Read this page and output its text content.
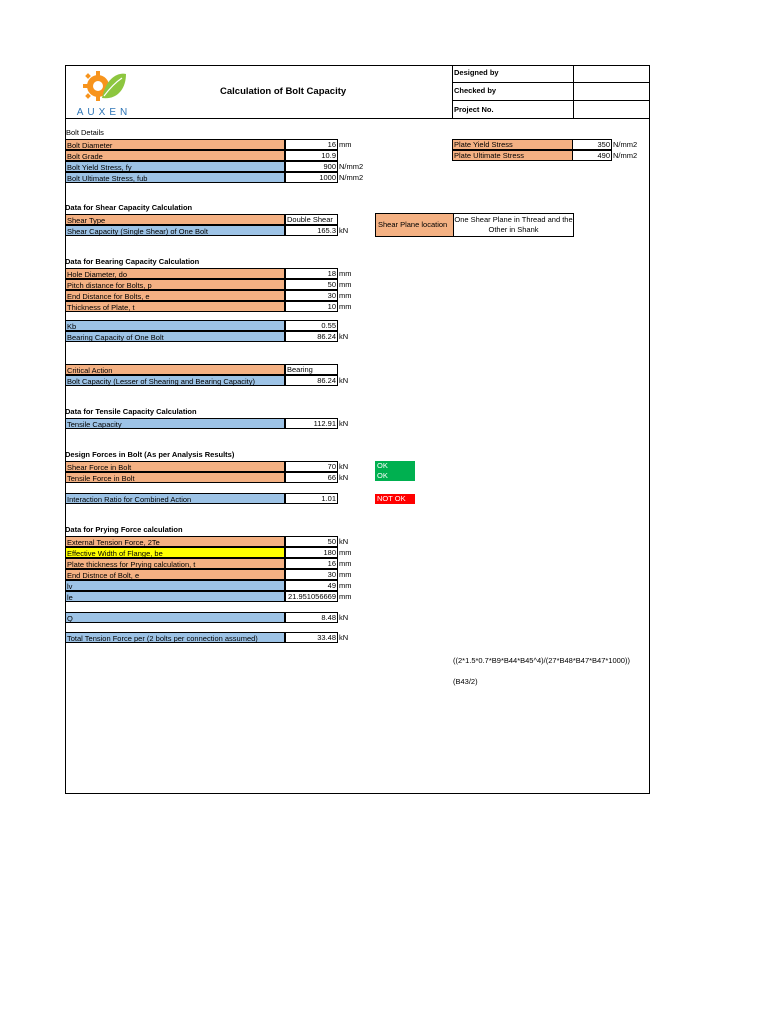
AUXEN
Calculation of Bolt Capacity
Designed by
Checked by
Project No.
Bolt Details
Bolt Diameter	16 mm
Bolt Grade	10.9
Bolt Yield Stress, fy	900 N/mm2
Bolt Ultimate Stress, fub	1000 N/mm2
Plate Yield Stress	350 N/mm2
Plate Ultimate Stress	490 N/mm2
Data for Shear Capacity Calculation
Shear Type	Double Shear
Shear Capacity (Single Shear) of One Bolt	165.3 kN
Shear Plane location
One Shear Plane in Thread and the Other in Shank
Data for Bearing Capacity Calculation
Hole Diameter, do	18 mm
Pitch distance for Bolts, p	50 mm
End Distance for Bolts, e	30 mm
Thickness of Plate, t	10 mm
Kb	0.55
Bearing Capacity of One Bolt	86.24 kN
Critical Action	Bearing
Bolt Capacity (Lesser of Shearing and Bearing Capacity)	86.24 kN
Data for Tensile Capacity Calculation
Tensile Capacity	112.91 kN
Design Forces in Bolt (As per Analysis Results)
Shear Force in Bolt	70 kN	OK
Tensile Force in Bolt	66 kN	OK
Interaction Ratio for Combined Action	1.01	NOT OK
Data for Prying Force calculation
External Tension Force, 2Te	50 kN
Effective Width of Flange, be	180 mm
Plate thickness for Prying calculation, t	16 mm
End Distnce of Bolt, e	30 mm
lv	49 mm
le	21.951056669 mm
Q	8.48 kN
Total Tension Force per (2 bolts per connection assumed)	33.48 kN
((2*1.5*0.7*B9*B44*B45^4)/(27*B48*B47*B47*1000))
(B43/2)
